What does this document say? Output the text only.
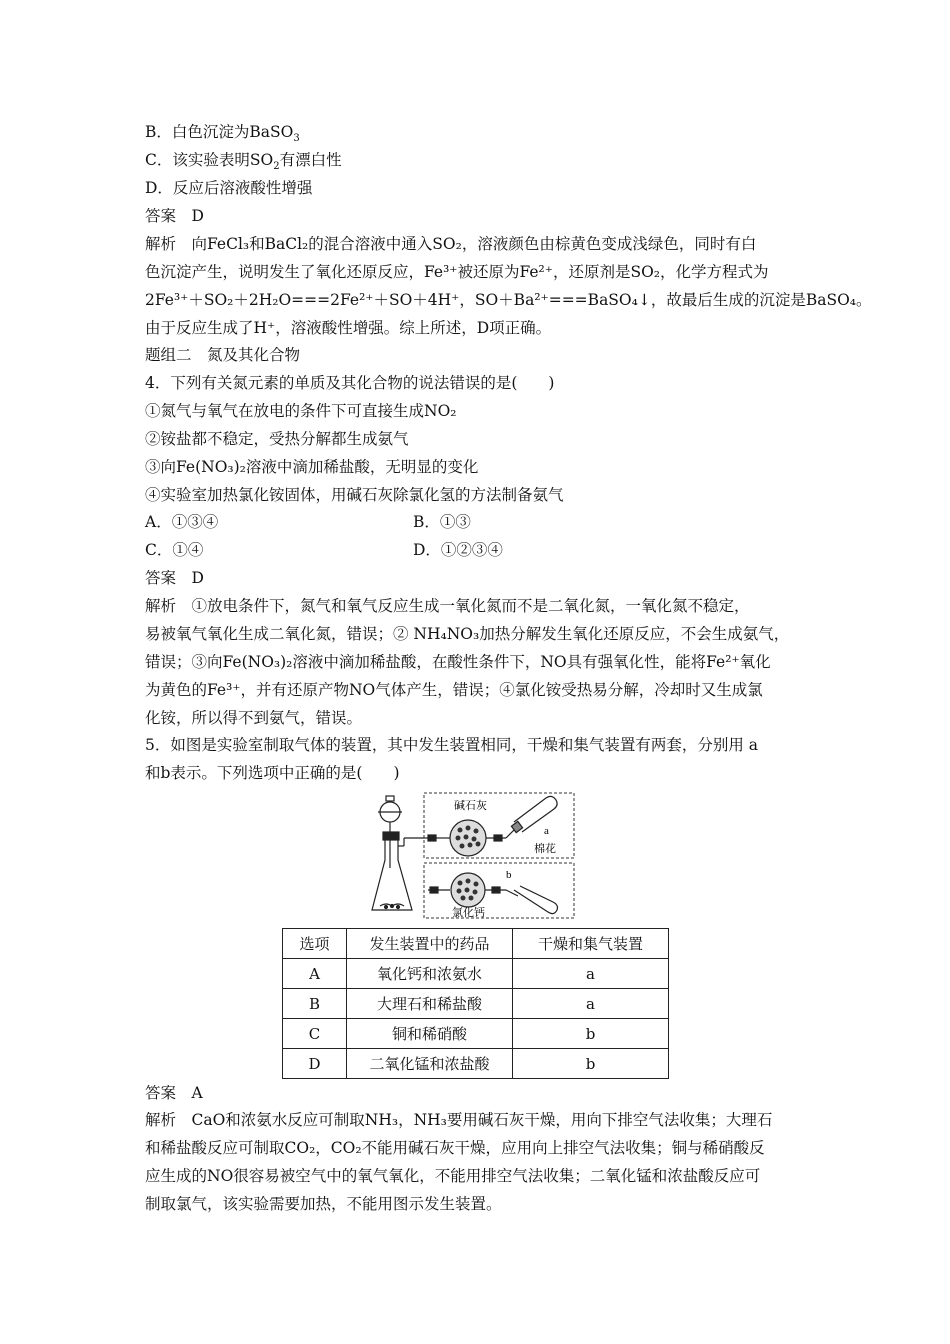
B．白色沉淀为BaSO$_3$
C．该实验表明$SO_2$有漂白性
D．反应后溶液酸性增强
答案　D
解析　向FeCl₃和BaCl₂的混合溶液中通入SO₂，溶液颜色由棕黄色变成浅绿色，同时有白
色沉淀产生，说明发生了氧化还原反应，Fe³⁺被还原为Fe²⁺，还原剂是SO₂，化学方程式为
2Fe³⁺＋SO₂＋2H₂O===2Fe²⁺＋SO＋4H⁺，SO＋Ba²⁺===BaSO₄↓，故最后生成的沉淀是BaSO₄。
由于反应生成了H⁺，溶液酸性增强。综上所述，D项正确。
题组二　氮及其化合物
4．下列有关氮元素的单质及其化合物的说法错误的是(　　)
①氮气与氧气在放电的条件下可直接生成NO₂
②铵盐都不稳定，受热分解都生成氨气
③向Fe(NO₃)₂溶液中滴加稀盐酸，无明显的变化
④实验室加热氯化铵固体，用碱石灰除氯化氢的方法制备氨气
A．①③④	B．①③
C．①④	D．①②③④
答案　D
解析　①放电条件下，氮气和氧气反应生成一氧化氮而不是二氧化氮，一氧化氮不稳定，
易被氧气氧化生成二氧化氮，错误；② NH₄NO₃加热分解发生氧化还原反应，不会生成氨气，
错误；③向Fe(NO₃)₂溶液中滴加稀盐酸，在酸性条件下，NO具有强氧化性，能将Fe²⁺氧化
为黄色的Fe³⁺，并有还原产物NO气体产生，错误；④氯化铵受热易分解，冷却时又生成氯
化铵，所以得不到氨气，错误。
5．如图是实验室制取气体的装置，其中发生装置相同，干燥和集气装置有两套，分别用 a
和b表示。下列选项中正确的是(　　)
碱石灰
a
棉花
b
氯化钙
选项	发生装置中的药品	干燥和集气装置
A	氧化钙和浓氨水	a
B	大理石和稀盐酸	a
C	铜和稀硝酸	b
D	二氧化锰和浓盐酸	b
答案　A
解析　CaO和浓氨水反应可制取NH₃，NH₃要用碱石灰干燥，用向下排空气法收集；大理石
和稀盐酸反应可制取CO₂，CO₂不能用碱石灰干燥，应用向上排空气法收集；铜与稀硝酸反
应生成的NO很容易被空气中的氧气氧化，不能用排空气法收集；二氧化锰和浓盐酸反应可
制取氯气，该实验需要加热，不能用图示发生装置。
